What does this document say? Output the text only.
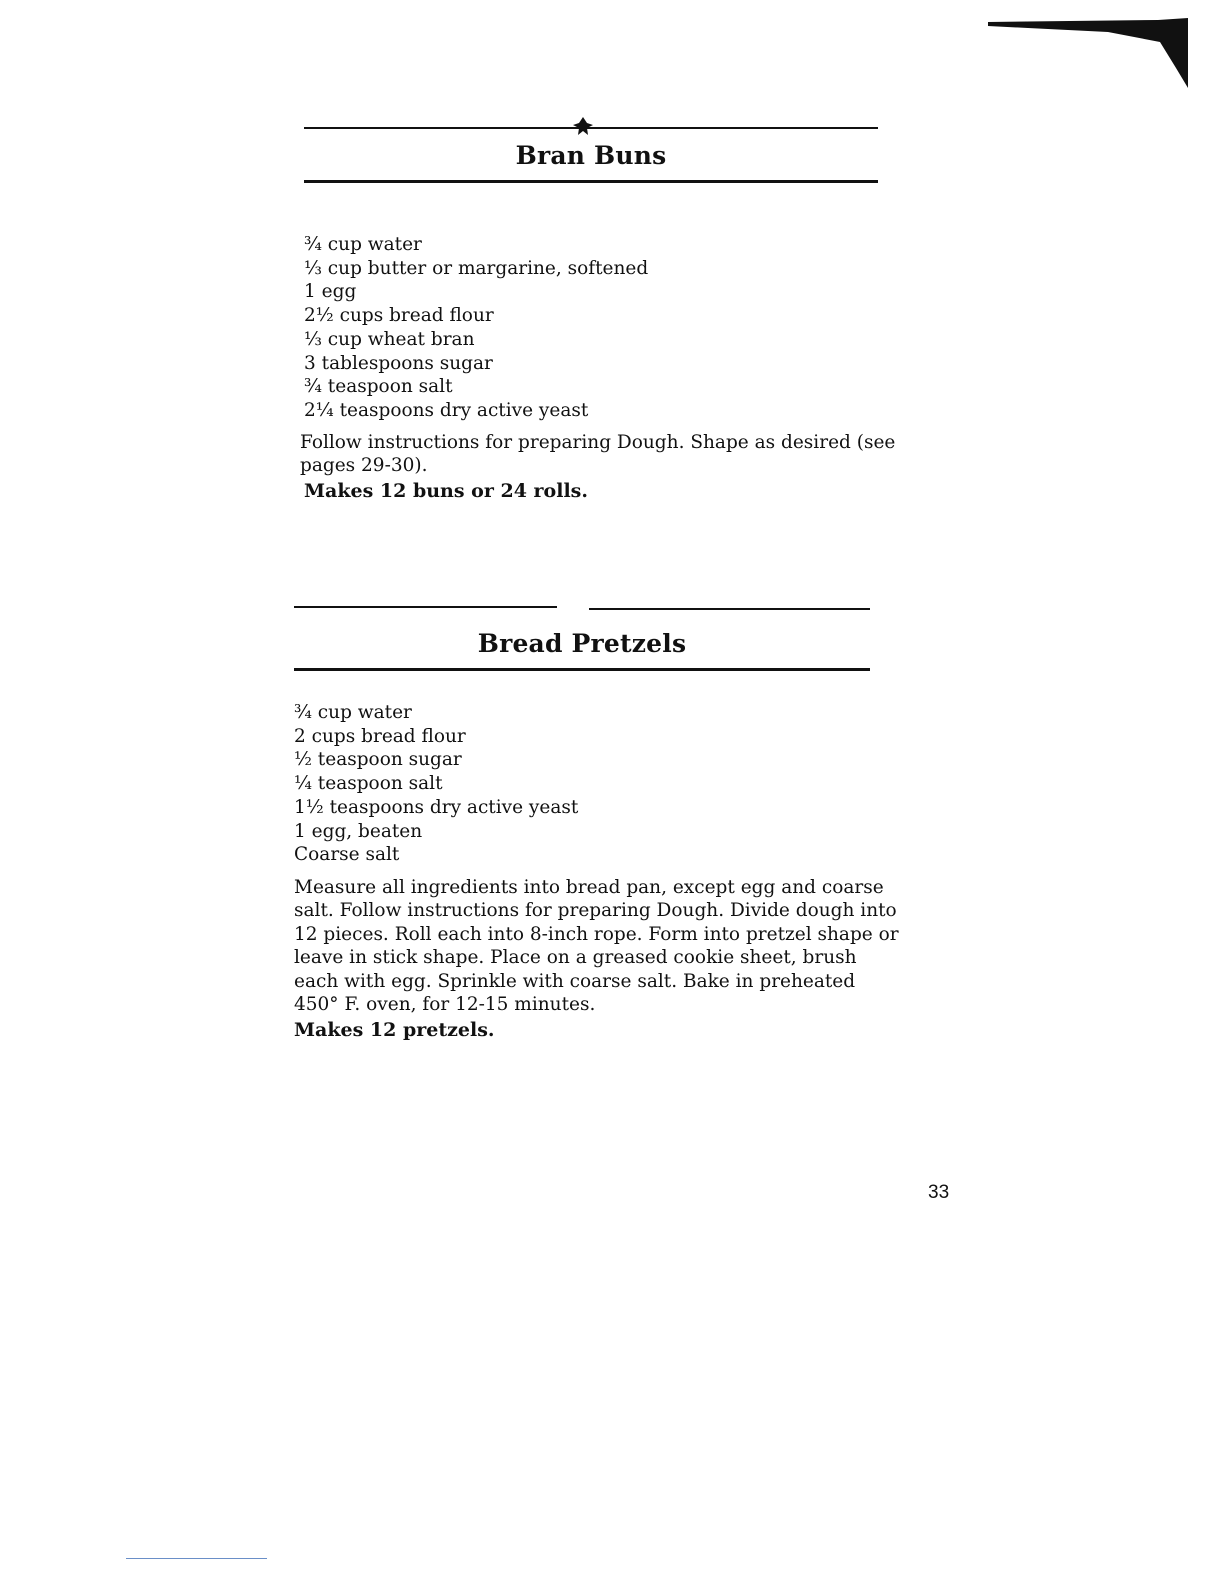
Bran Buns
¾ cup water
⅓ cup butter or margarine, softened
1 egg
2½ cups bread flour
⅓ cup wheat bran
3 tablespoons sugar
¾ teaspoon salt
2¼ teaspoons dry active yeast

Follow instructions for preparing Dough. Shape as desired (see pages 29-30).

Makes 12 buns or 24 rolls.

Bread Pretzels
¾ cup water
2 cups bread flour
½ teaspoon sugar
¼ teaspoon salt
1½ teaspoons dry active yeast
1 egg, beaten
Coarse salt

Measure all ingredients into bread pan, except egg and coarse salt. Follow instructions for preparing Dough. Divide dough into 12 pieces. Roll each into 8-inch rope. Form into pretzel shape or leave in stick shape. Place on a greased cookie sheet, brush each with egg. Sprinkle with coarse salt. Bake in preheated 450° F. oven, for 12-15 minutes.

Makes 12 pretzels.

33
